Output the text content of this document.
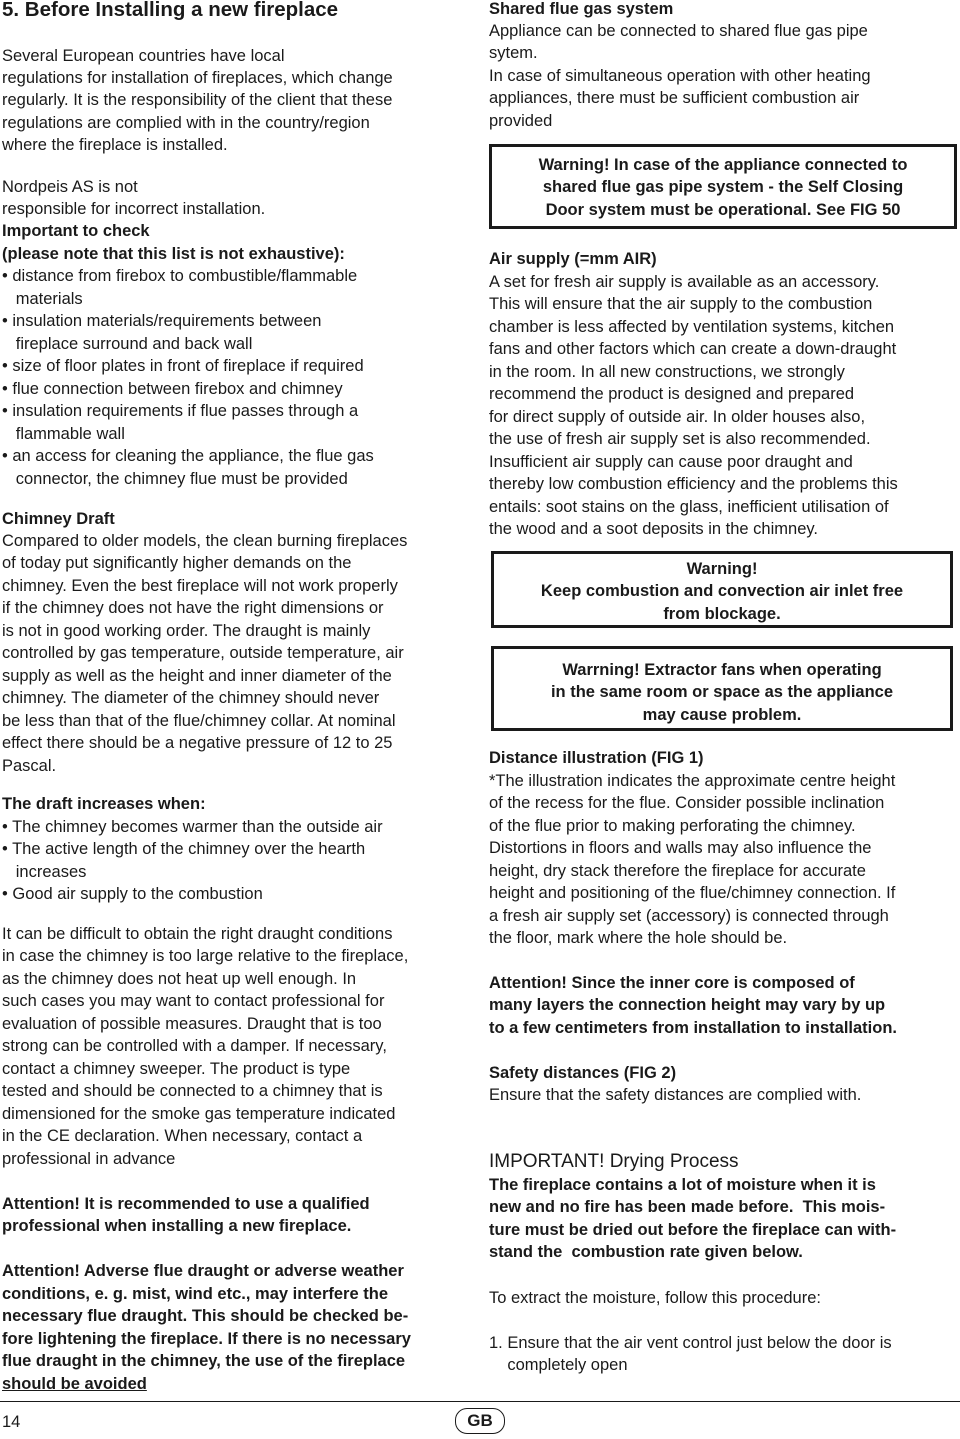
5. Before Installing a new fireplace
Several European countries have local
regulations for installation of fireplaces, which change
regularly. It is the responsibility of the client that these
regulations are complied with in the country/region
where the fireplace is installed.
Nordpeis AS is not
responsible for incorrect installation.
Important to check
(please note that this list is not exhaustive):
• distance from firebox to combustible/flammable
materials
• insulation materials/requirements between
fireplace surround and back wall
• size of floor plates in front of fireplace if required
• flue connection between firebox and chimney
• insulation requirements if flue passes through a
flammable wall
• an access for cleaning the appliance, the flue gas
connector, the chimney flue must be provided
Chimney Draft
Compared to older models, the clean burning fireplaces
of today put significantly higher demands on the
chimney. Even the best fireplace will not work properly
if the chimney does not have the right dimensions or
is not in good working order. The draught is mainly
controlled by gas temperature, outside temperature, air
supply as well as the height and inner diameter of the
chimney. The diameter of the chimney should never
be less than that of the flue/chimney collar. At nominal
effect there should be a negative pressure of 12 to 25
Pascal.
The draft increases when:
• The chimney becomes warmer than the outside air
• The active length of the chimney over the hearth
increases
• Good air supply to the combustion
It can be difficult to obtain the right draught conditions
in case the chimney is too large relative to the fireplace,
as the chimney does not heat up well enough. In
such cases you may want to contact professional for
evaluation of possible measures. Draught that is too
strong can be controlled with a damper. If necessary,
contact a chimney sweeper. The product is type
tested and should be connected to a chimney that is
dimensioned for the smoke gas temperature indicated
in the CE declaration. When necessary, contact a
professional in advance
Attention! It is recommended to use a qualified
professional when installing a new fireplace.
Attention! Adverse flue draught or adverse weather
conditions, e. g. mist, wind etc., may interfere the
necessary flue draught. This should be checked be-
fore lightening the fireplace. If there is no necessary
flue draught in the chimney, the use of the fireplace
should be avoided
Shared flue gas system
Appliance can be connected to shared flue gas pipe
sytem.
In case of simultaneous operation with other heating
appliances, there must be sufficient combustion air
provided
Warning! In case of the appliance connected to
shared flue gas pipe system - the Self Closing
Door system must be operational. See FIG 50
Air supply (=mm AIR)
A set for fresh air supply is available as an accessory.
This will ensure that the air supply to the combustion
chamber is less affected by ventilation systems, kitchen
fans and other factors which can create a down-draught
in the room. In all new constructions, we strongly
recommend the product is designed and prepared
for direct supply of outside air. In older houses also,
the use of fresh air supply set is also recommended.
Insufficient air supply can cause poor draught and
thereby low combustion efficiency and the problems this
entails: soot stains on the glass, inefficient utilisation of
the wood and a soot deposits in the chimney.
Warning!
Keep combustion and convection air inlet free
from blockage.
Warrning! Extractor fans when operating
in the same room or space as the appliance
may cause problem.
Distance illustration (FIG 1)
*The illustration indicates the approximate centre height
of the recess for the flue. Consider possible inclination
of the flue prior to making perforating the chimney.
Distortions in floors and walls may also influence the
height, dry stack therefore the fireplace for accurate
height and positioning of the flue/chimney connection. If
a fresh air supply set (accessory) is connected through
the floor, mark where the hole should be.
Attention! Since the inner core is composed of
many layers the connection height may vary by up
to a few centimeters from installation to installation.
Safety distances (FIG 2)
Ensure that the safety distances are complied with.
IMPORTANT! Drying Process
The fireplace contains a lot of moisture when it is
new and no fire has been made before.  This mois-
ture must be dried out before the fireplace can with-
stand the  combustion rate given below.
To extract the moisture, follow this procedure:
1. Ensure that the air vent control just below the door is
completely open
14	GB
